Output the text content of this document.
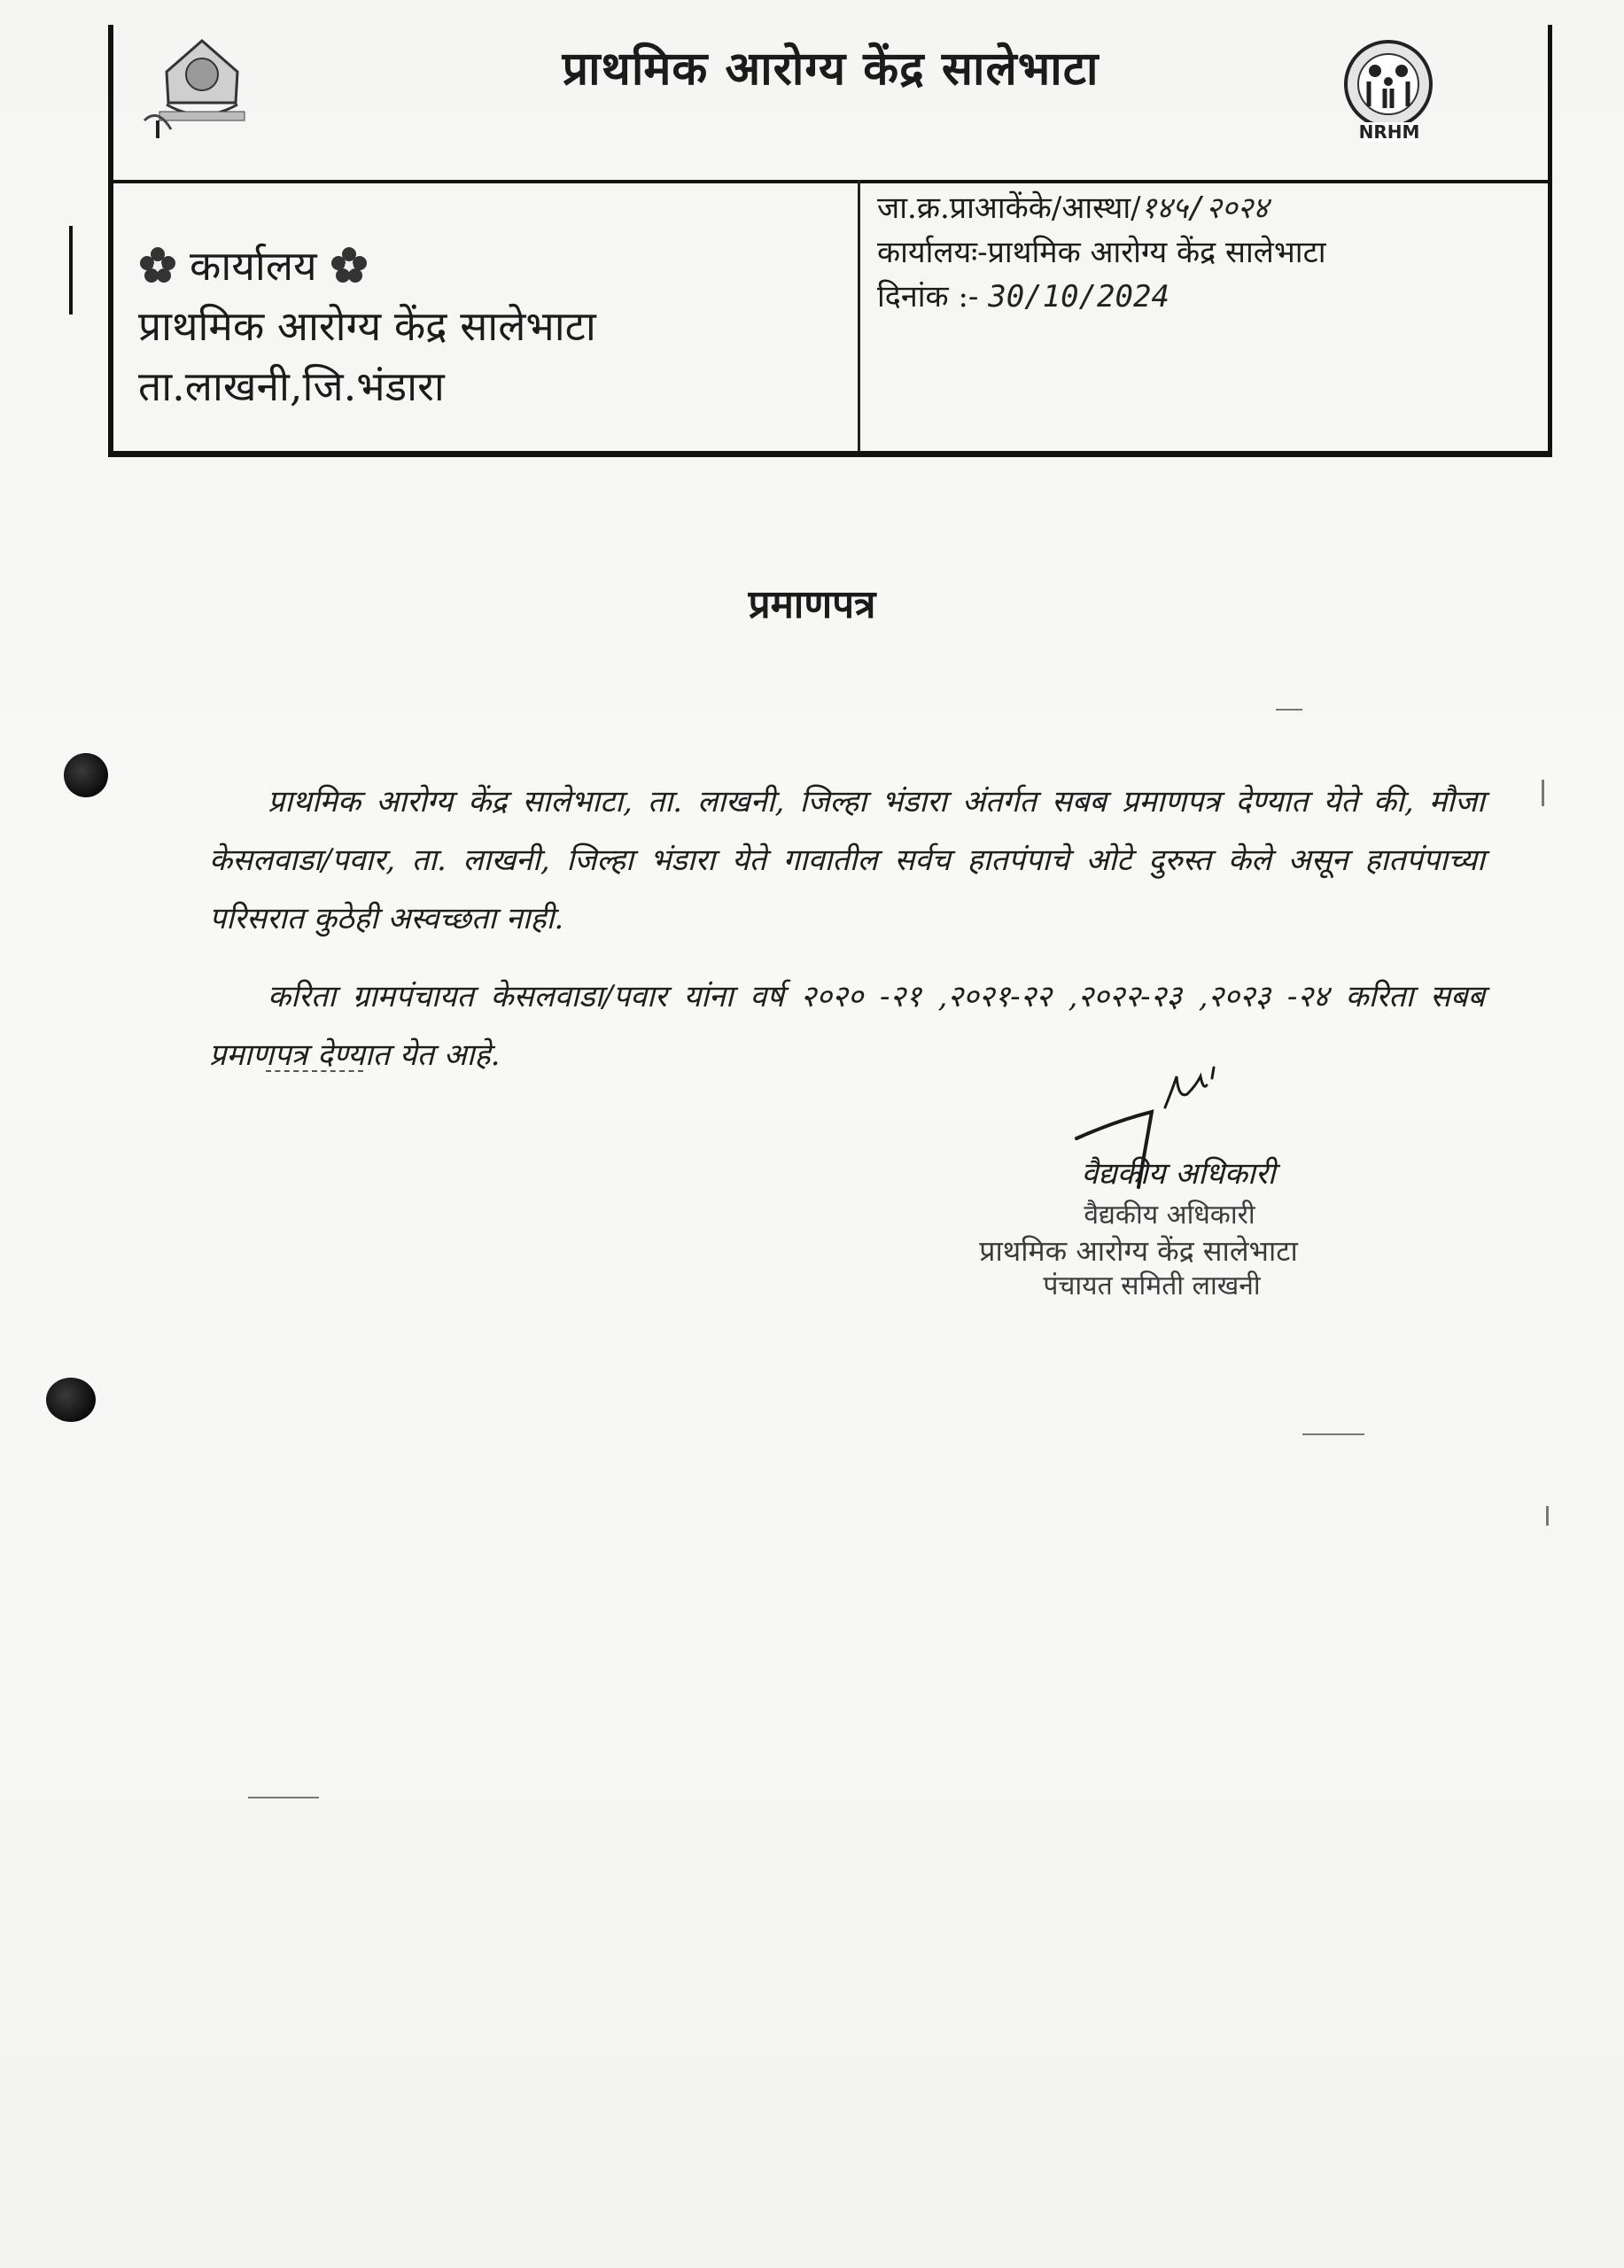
प्राथमिक आरोग्य केंद्र सालेभाटा
NRHM
कार्यालय
प्राथमिक आरोग्य केंद्र सालेभाटा
ता.लाखनी,जि.भंडारा
जा.क्र.प्राआकेंके/आस्था/१४५/२०२४
कार्यालयः-प्राथमिक आरोग्य केंद्र सालेभाटा
दिनांक :- 30/10/2024
प्रमाणपत्र

प्राथमिक आरोग्य केंद्र सालेभाटा, ता. लाखनी, जिल्हा भंडारा अंतर्गत सबब प्रमाणपत्र देण्यात येते की, मौजा केसलवाडा/पवार, ता. लाखनी, जिल्हा भंडारा येते गावातील सर्वच हातपंपाचे ओटे दुरुस्त केले असून हातपंपाच्या परिसरात कुठेही अस्वच्छता नाही.

करिता ग्रामपंचायत केसलवाडा/पवार यांना वर्ष २०२० -२१ ,२०२१-२२ ,२०२२-२३ ,२०२३ -२४ करिता सबब प्रमाणपत्र देण्यात येत आहे.

वैद्यकीय अधिकारी
वैद्यकीय अधिकारी
प्राथमिक आरोग्य केंद्र सालेभाटा
पंचायत समिती लाखनी
